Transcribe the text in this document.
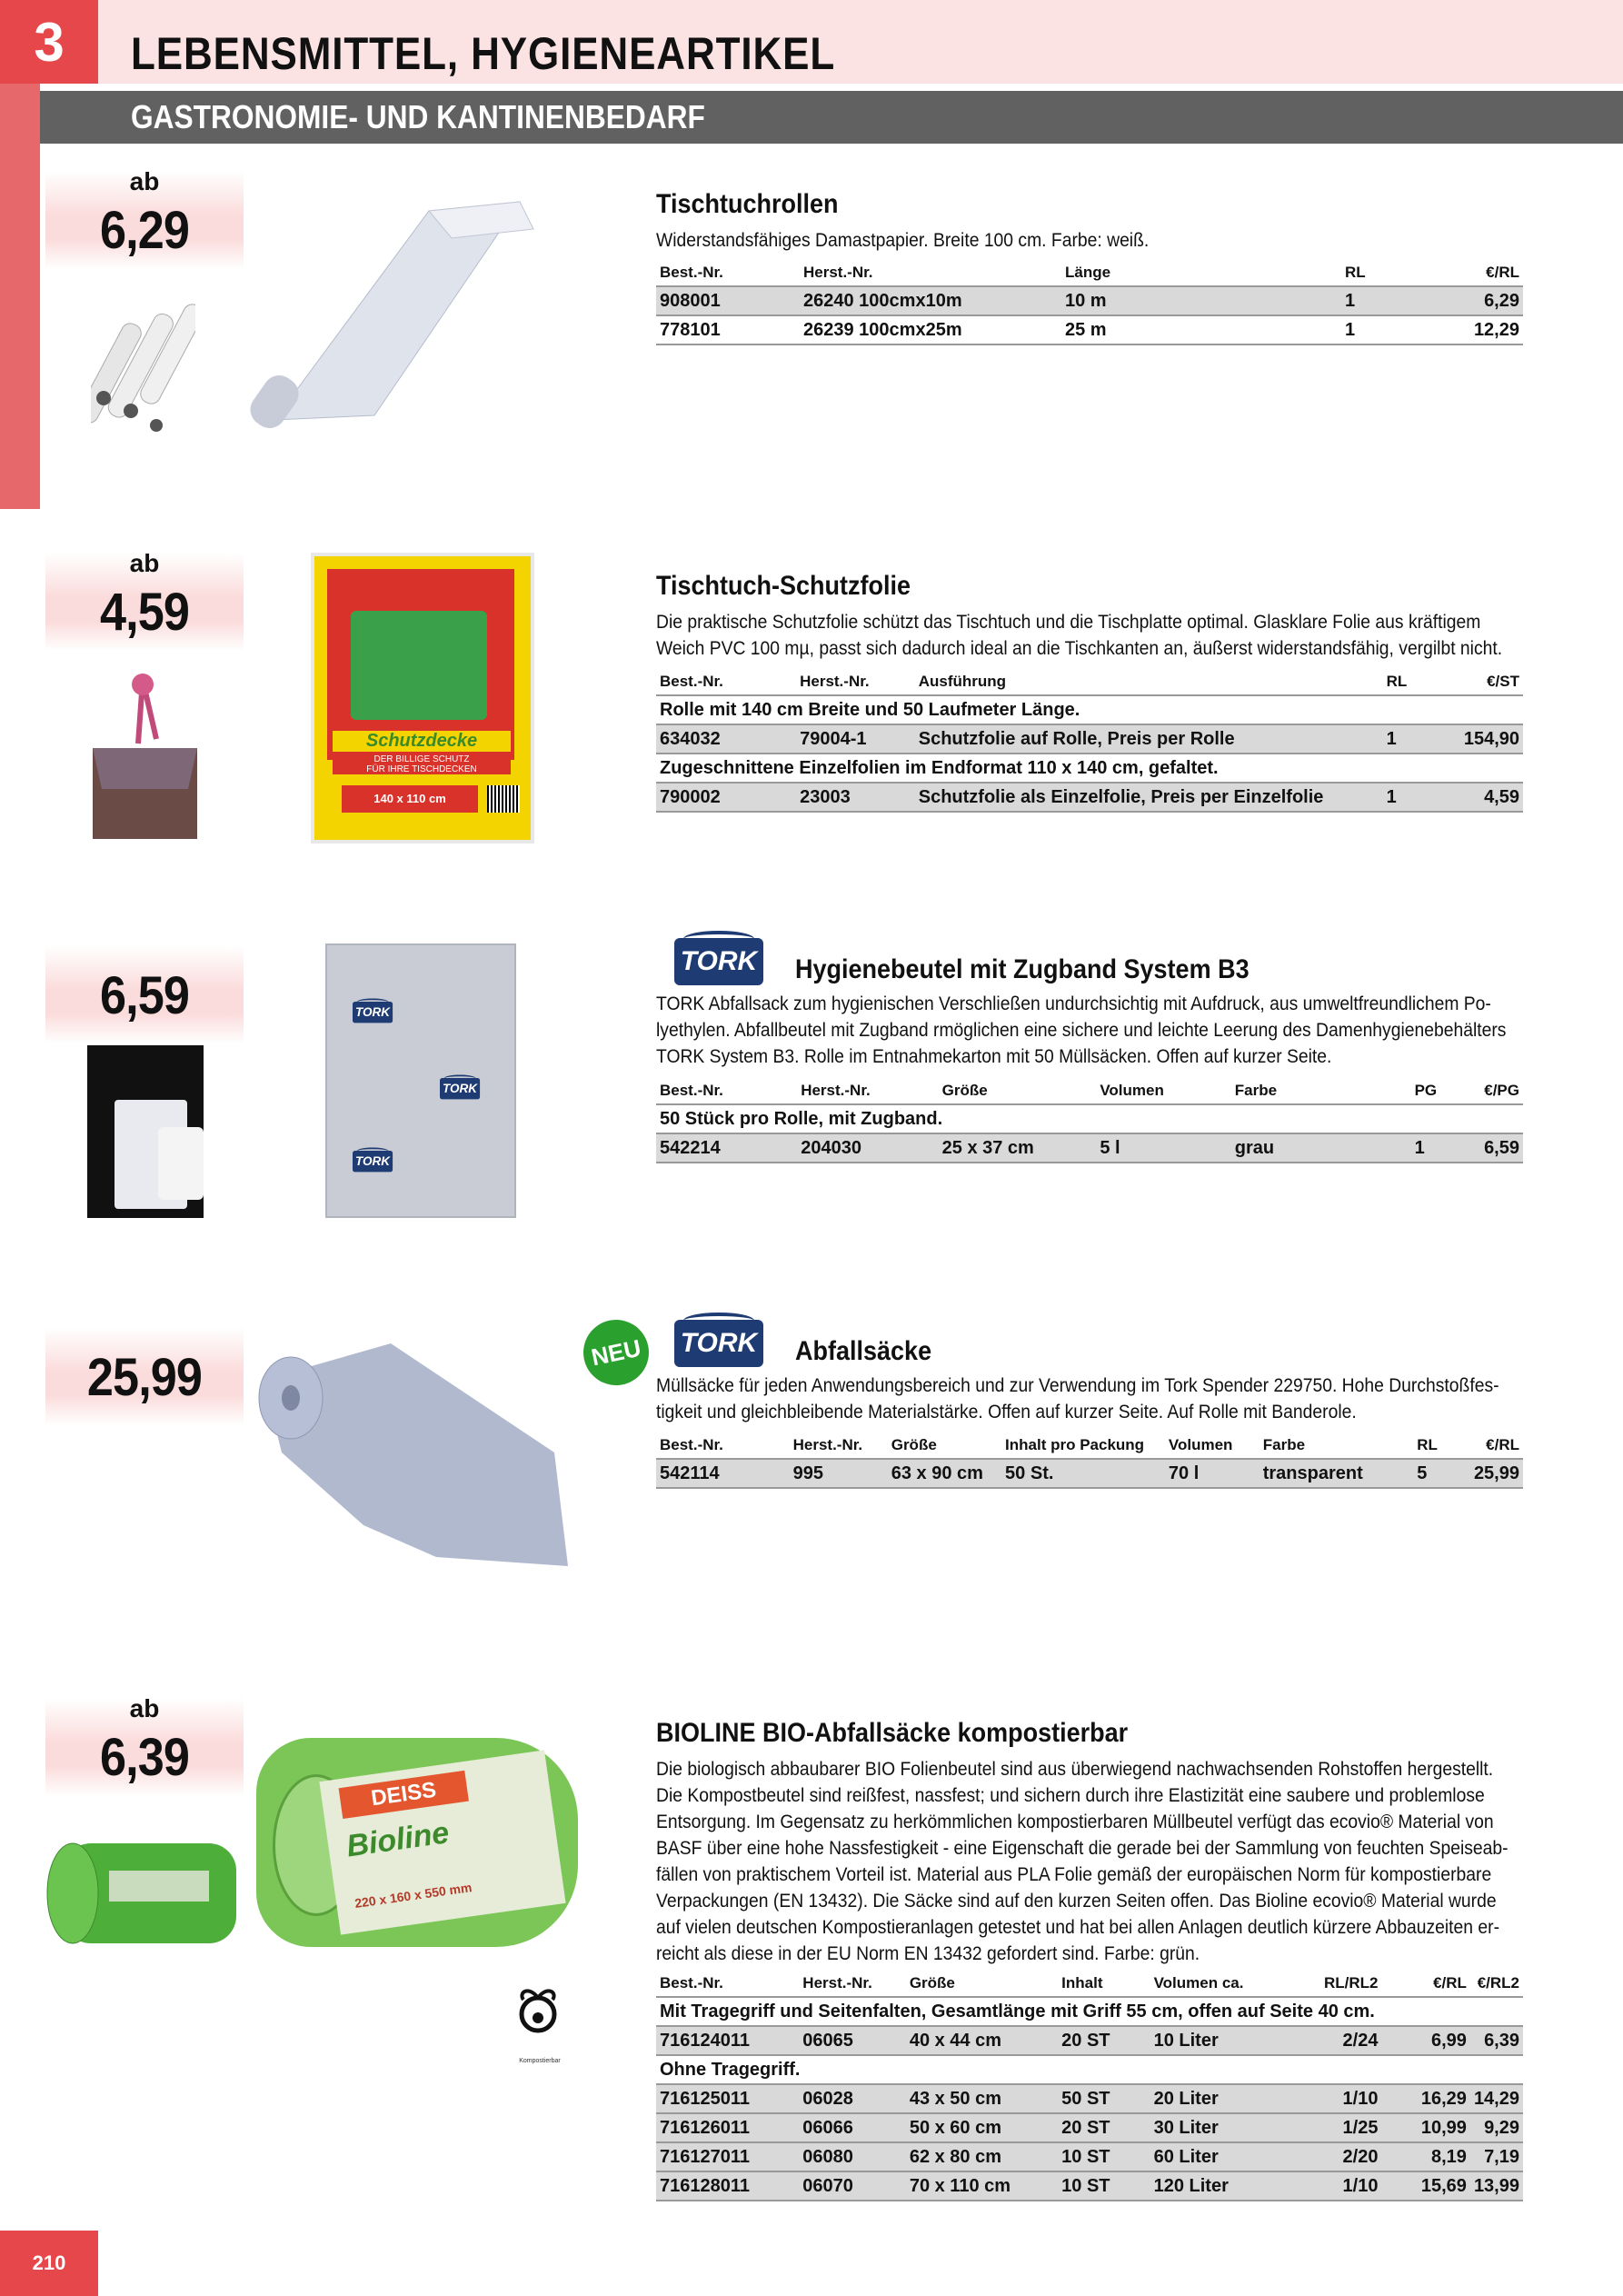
3	LEBENSMITTEL, HYGIENEARTIKEL
GASTRONOMIE- UND KANTINENBEDARF
ab
6,29	Tischtuchrollen
Widerstandsfähiges Damastpapier. Breite 100 cm. Farbe: weiß.
Best.-Nr.	Herst.-Nr.	Länge	RL	€/RL
908001	26240 100cmx10m	10 m	1	6,29
778101	26239 100cmx25m	25 m	1	12,29
ab
4,59
Schutzdecke
DER BILLIGE SCHUTZ
FÜR IHRE TISCHDECKEN
140 x 110 cm
Tischtuch-Schutzfolie
Die praktische Schutzfolie schützt das Tischtuch und die Tischplatte optimal. Glasklare Folie aus kräftigem
Weich PVC 100 mµ, passt sich dadurch ideal an die Tischkanten an, äußerst widerstandsfähig, vergilbt nicht.
Best.-Nr.	Herst.-Nr.	Ausführung	RL	€/ST
Rolle mit 140 cm Breite und 50 Laufmeter Länge.				
634032	79004-1	Schutzfolie auf Rolle, Preis per Rolle	1	154,90
Zugeschnittene Einzelfolien im Endformat 110 x 140 cm, gefaltet.				
790002	23003	Schutzfolie als Einzelfolie, Preis per Einzelfolie	1	4,59
6,59	TORK
TORK
TORK
TORK Hygienebeutel mit Zugband System B3
TORK Abfallsack zum hygienischen Verschließen undurchsichtig mit Aufdruck, aus umweltfreundlichem Po-
lyethylen. Abfallbeutel mit Zugband rmöglichen eine sichere und leichte Leerung des Damenhygienebehälters
TORK System B3. Rolle im Entnahmekarton mit 50 Müllsäcken. Offen auf kurzer Seite.
Best.-Nr.	Herst.-Nr.	Größe	Volumen	Farbe	PG	€/PG
50 Stück pro Rolle, mit Zugband.						
542214	204030	25 x 37 cm	5 l	grau	1	6,59
25,99	NEU	TORK Abfallsäcke
Müllsäcke für jeden Anwendungsbereich und zur Verwendung im Tork Spender 229750. Hohe Durchstoßfes-
tigkeit und gleichbleibende Materialstärke. Offen auf kurzer Seite. Auf Rolle mit Banderole.
Best.-Nr.	Herst.-Nr.	Größe	Inhalt pro Packung	Volumen	Farbe	RL	€/RL
542114	995	63 x 90 cm	50 St.	70 l	transparent	5	25,99
ab
6,39
DEISS
Bioline
220 x 160 x 550 mm
Kompostierbar
BIOLINE BIO-Abfallsäcke kompostierbar
Die biologisch abbaubarer BIO Folienbeutel sind aus überwiegend nachwachsenden Rohstoffen hergestellt.
Die Kompostbeutel sind reißfest, nassfest; und sichern durch ihre Elastizität eine saubere und problemlose
Entsorgung. Im Gegensatz zu herkömmlichen kompostierbaren Müllbeutel verfügt das ecovio® Material von
BASF über eine hohe Nassfestigkeit - eine Eigenschaft die gerade bei der Sammlung von feuchten Speiseab-
fällen von praktischem Vorteil ist. Material aus PLA Folie gemäß der europäischen Norm für kompostierbare
Verpackungen (EN 13432). Die Säcke sind auf den kurzen Seiten offen. Das Bioline ecovio® Material wurde
auf vielen deutschen Kompostieranlagen getestet und hat bei allen Anlagen deutlich kürzere Abbauzeiten er-
reicht als diese in der EU Norm EN 13432 gefordert sind. Farbe: grün.
Best.-Nr.	Herst.-Nr.	Größe	Inhalt	Volumen ca.	RL/RL2	€/RL	€/RL2
Mit Tragegriff und Seitenfalten, Gesamtlänge mit Griff 55 cm, offen auf Seite 40 cm.							
716124011	06065	40 x 44 cm	20 ST	10 Liter	2/24	6,99	6,39
Ohne Tragegriff.							
716125011	06028	43 x 50 cm	50 ST	20 Liter	1/10	16,29	14,29
716126011	06066	50 x 60 cm	20 ST	30 Liter	1/25	10,99	9,29
716127011	06080	62 x 80 cm	10 ST	60 Liter	2/20	8,19	7,19
716128011	06070	70 x 110 cm	10 ST	120 Liter	1/10	15,69	13,99
210
